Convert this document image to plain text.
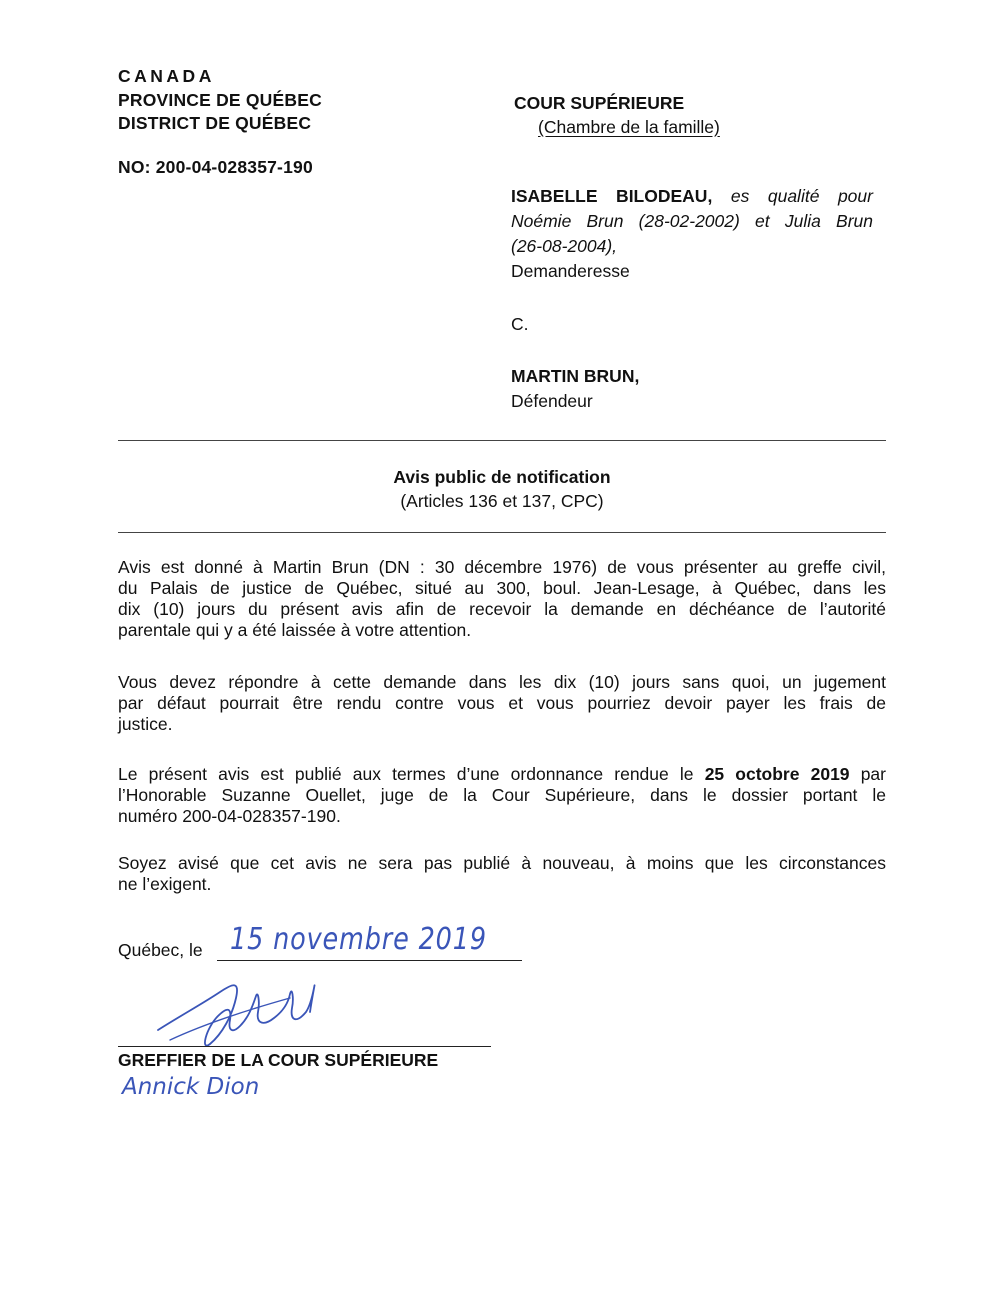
CANADA
PROVINCE DE QUÉBEC
DISTRICT DE QUÉBEC
NO: 200-04-028357-190
COUR SUPÉRIEURE
(Chambre de la famille)
ISABELLE BILODEAU, es qualité pour
Noémie Brun (28-02-2002) et Julia Brun
(26-08-2004),
Demanderesse
C.
MARTIN BRUN,
Défendeur
Avis public de notification
(Articles 136 et 137, CPC)
Avis est donné à Martin Brun (DN : 30 décembre 1976) de vous présenter au greffe civil,
du Palais de justice de Québec, situé au 300, boul. Jean-Lesage, à Québec, dans les
dix (10) jours du présent avis afin de recevoir la demande en déchéance de l’autorité
parentale qui y a été laissée à votre attention.
Vous devez répondre à cette demande dans les dix (10) jours sans quoi, un jugement
par défaut pourrait être rendu contre vous et vous pourriez devoir payer les frais de
justice.
Le présent avis est publié aux termes d’une ordonnance rendue le 25 octobre 2019 par
l’Honorable Suzanne Ouellet, juge de la Cour Supérieure, dans le dossier portant le
numéro 200-04-028357-190.
Soyez avisé que cet avis ne sera pas publié à nouveau, à moins que les circonstances
ne l’exigent.
Québec, le 15 novembre 2019
GREFFIER DE LA COUR SUPÉRIEURE
Annick Dion
